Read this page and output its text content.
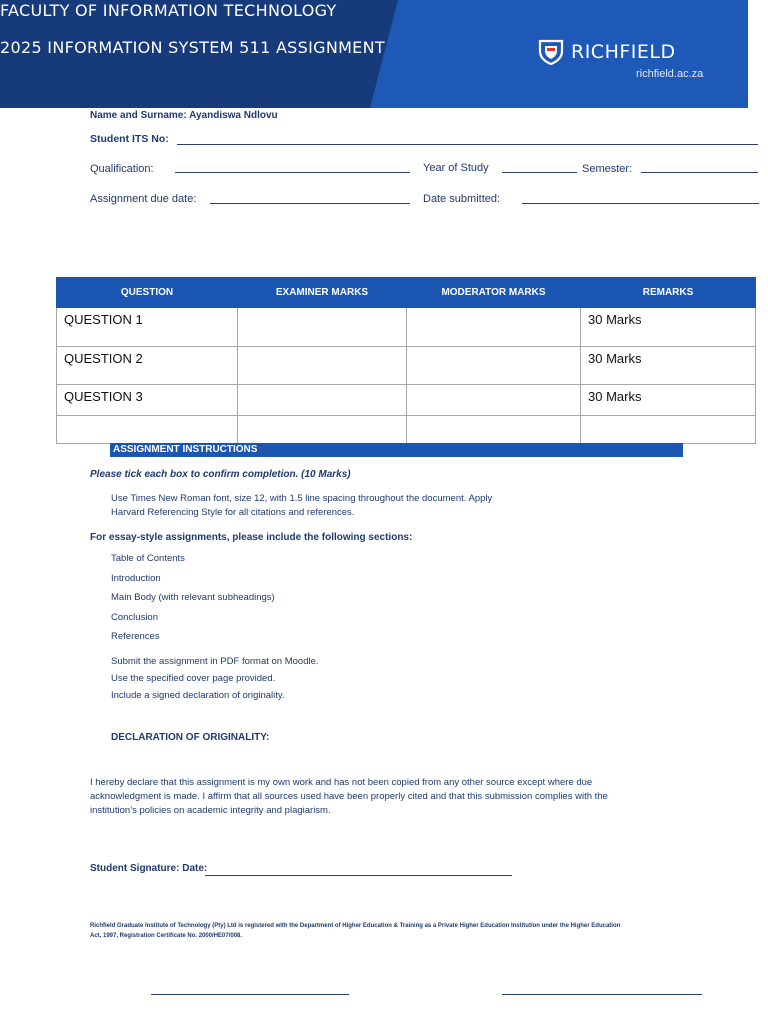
FACULTY OF INFORMATION TECHNOLOGY
2025 INFORMATION SYSTEM 511 ASSIGNMENT	RICHFIELD
richfield.ac.za
Name and Surname: Ayandiswa Ndlovu
Student ITS No:
Qualification:	Year of Study	Semester:
Assignment due date:	Date submitted:
QUESTION	EXAMINER MARKS	MODERATOR MARKS	REMARKS
QUESTION 1			30 Marks
QUESTION 2			30 Marks
QUESTION 3			30 Marks

ASSIGNMENT INSTRUCTIONS
Please tick each box to confirm completion. (10 Marks)
Use Times New Roman font, size 12, with 1.5 line spacing throughout the document. Apply
Harvard Referencing Style for all citations and references.
For essay-style assignments, please include the following sections:
Table of Contents
Introduction
Main Body (with relevant subheadings)
Conclusion
References
Submit the assignment in PDF format on Moodle.
Use the specified cover page provided.
Include a signed declaration of originality.
DECLARATION OF ORIGINALITY:
I hereby declare that this assignment is my own work and has not been copied from any other source except where due
acknowledgment is made. I affirm that all sources used have been properly cited and that this submission complies with the
institution’s policies on academic integrity and plagiarism.
Student Signature: Date:
Richfield Graduate Institute of Technology (Pty) Ltd is registered with the Department of Higher Education & Training as a Private Higher Education Institution under the Higher Education
Act, 1997, Registration Certificate No. 2000/HE07/008.
